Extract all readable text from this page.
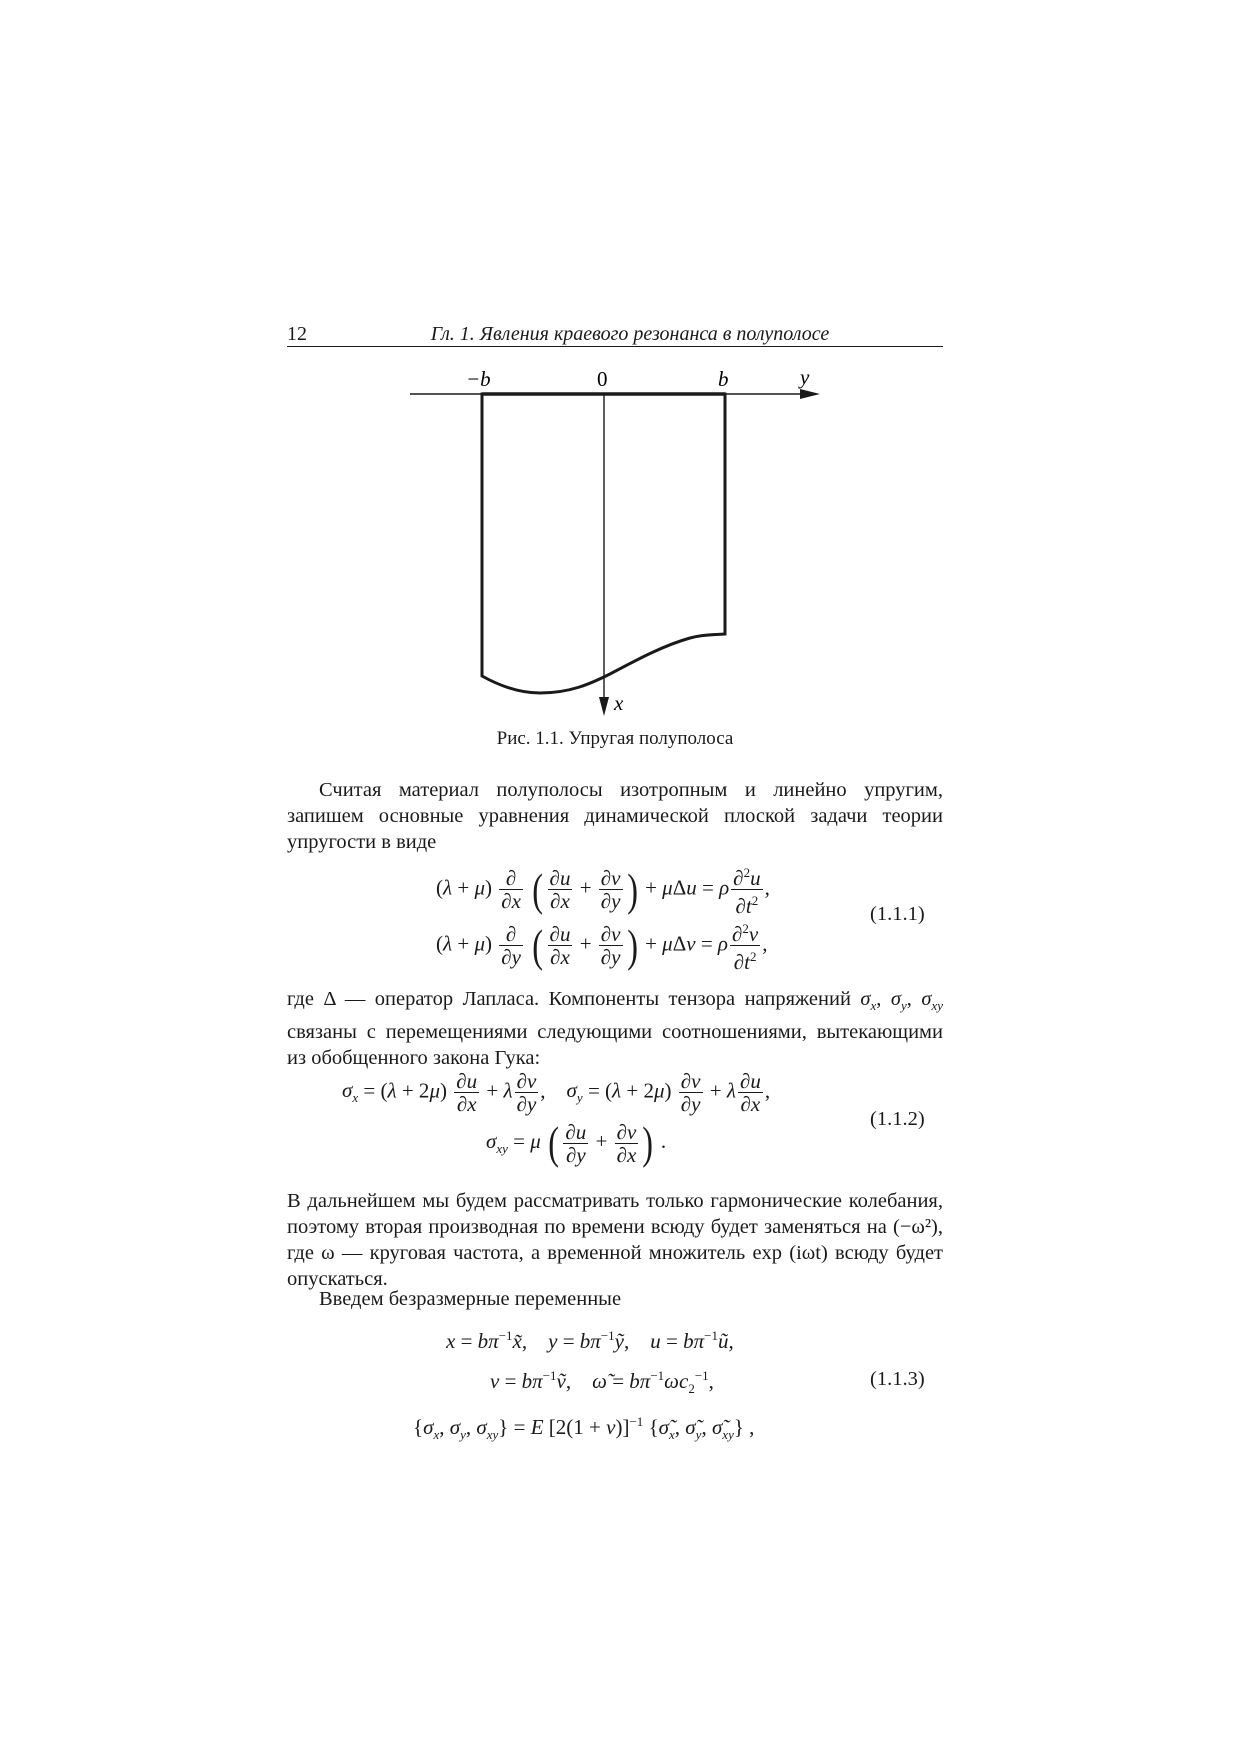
12	Гл. 1. Явления краевого резонанса в полуполосе
−b	0	b	y
x
Рис. 1.1. Упругая полуполоса
Считая материал полуполосы изотропным и линейно упругим, запишем основные уравнения динамической плоской задачи теории упругости в виде
$(\lambda + \mu) \frac{\partial}{\partial x}$ ( $\frac{\partial u}{\partial x} + \frac{\partial v}{\partial y}$ ) + μΔu = ρ $\frac{\partial^2u}{\partial t^2}$ ,
$(\lambda + \mu) \frac{\partial}{\partial y}$ ( $\frac{\partial u}{\partial x} + \frac{\partial v}{\partial y}$ ) + μΔv = ρ $\frac{\partial^2v}{\partial t^2}$ ,
(1.1.1)
где Δ — оператор Лапласа. Компоненты тензора напряжений $\sigma_x$, $\sigma_y$, $\sigma_{xy}$ связаны с перемещениями следующими соотношениями, вытекающими из обобщенного закона Гука:
$\sigma_x = (\lambda + 2\mu) \frac{\partial u}{\partial x} + \lambda \frac{\partial v}{\partial y}$ ,    $\sigma_y = (\lambda + 2\mu) \frac{\partial v}{\partial y} + \lambda \frac{\partial u}{\partial x}$ ,
$\sigma_{xy} = \mu$ ( $\frac{\partial u}{\partial y} + \frac{\partial v}{\partial x}$ ) .
(1.1.2)
В дальнейшем мы будем рассматривать только гармонические колебания, поэтому вторая производная по времени всюду будет заменяться на (−ω²), где ω — круговая частота, а временной множитель exp (iωt) всюду будет опускаться.
Введем безразмерные переменные
$x = b\pi^{-1}x̃$,    $y = b\pi^{-1}ỹ$,    $u = b\pi^{-1}ũ$,
$v = b\pi^{-1}ṽ$,    ω̃ = $b\pi^{-1}\omega c_2^{-1}$,	(1.1.3)
{$\sigma_x$, $\sigma_y$, $\sigma_{xy}\} = E$ $[2(1 + \nu)]^{-1}$ {$\sigmã_x$, $\sigmã_y$, $\sigmã_{xy}$} ,
